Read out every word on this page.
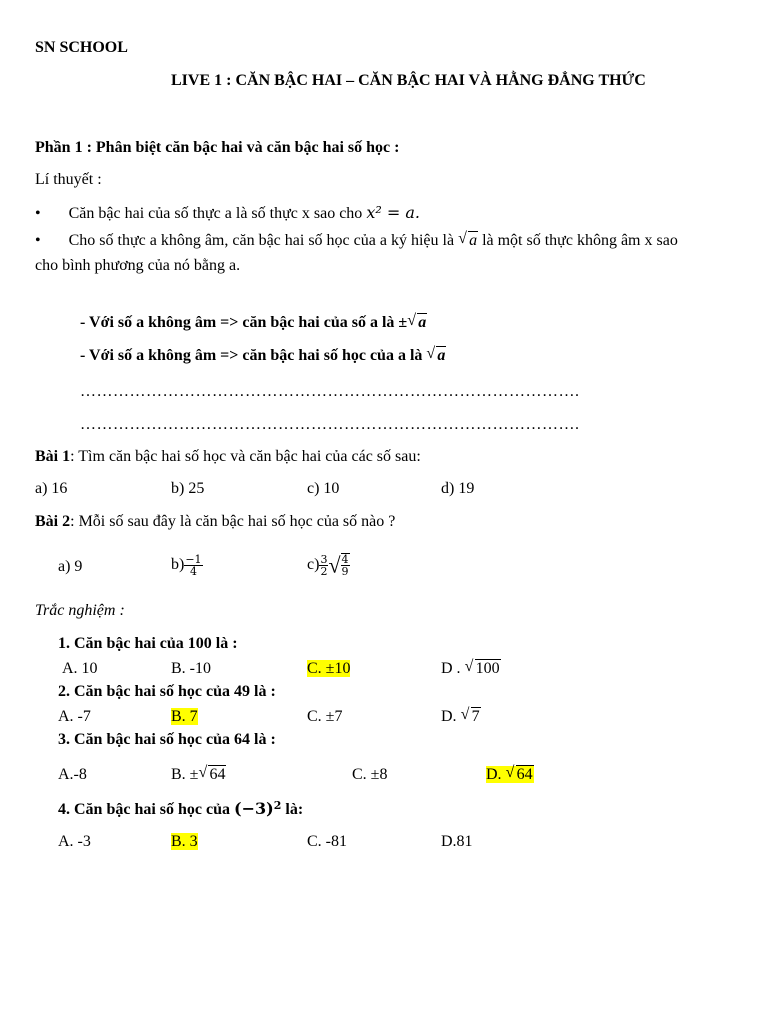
SN SCHOOL
LIVE 1 : CĂN BẬC HAI – CĂN BẬC HAI VÀ HẰNG ĐẲNG THỨC
Phần 1 : Phân biệt căn bậc hai và căn bậc hai số học :
Lí thuyết :
• Căn bậc hai của số thực a là số thực x sao cho x² = a.
• Cho số thực a không âm, căn bậc hai số học của a ký hiệu là √ a là một số thực không âm x sao
cho bình phương của nó bằng a.
- Với số a không âm => căn bậc hai của số a là ± √ a
- Với số a không âm => căn bậc hai số học của a là √ a
……………………………………………………………………………….
……………………………………………………………………………….
Bài 1: Tìm căn bậc hai số học và căn bậc hai của các số sau:
a) 16	b) 25	c) 10	d) 19
Bài 2: Mỗi số sau đây là căn bậc hai số học của số nào ?
a) 9	$b) \frac{-1}{4}$	$c) \frac{3}{2}$ √ $\frac{4}{9}$
Trắc nghiệm :
1. Căn bậc hai của 100 là :
A. 10	B. -10	C. ±10	D . √ 100
2. Căn bậc hai số học của 49 là :
A. -7	B. 7	C. ±7	D. √ 7
3. Căn bậc hai số học của 64 là :
A.-8	B. ± √ 64	C. ±8	D. √ 64
4. Căn bậc hai số học của $(-3)^2$ là:
A. -3	B. 3	C. -81	D.81
